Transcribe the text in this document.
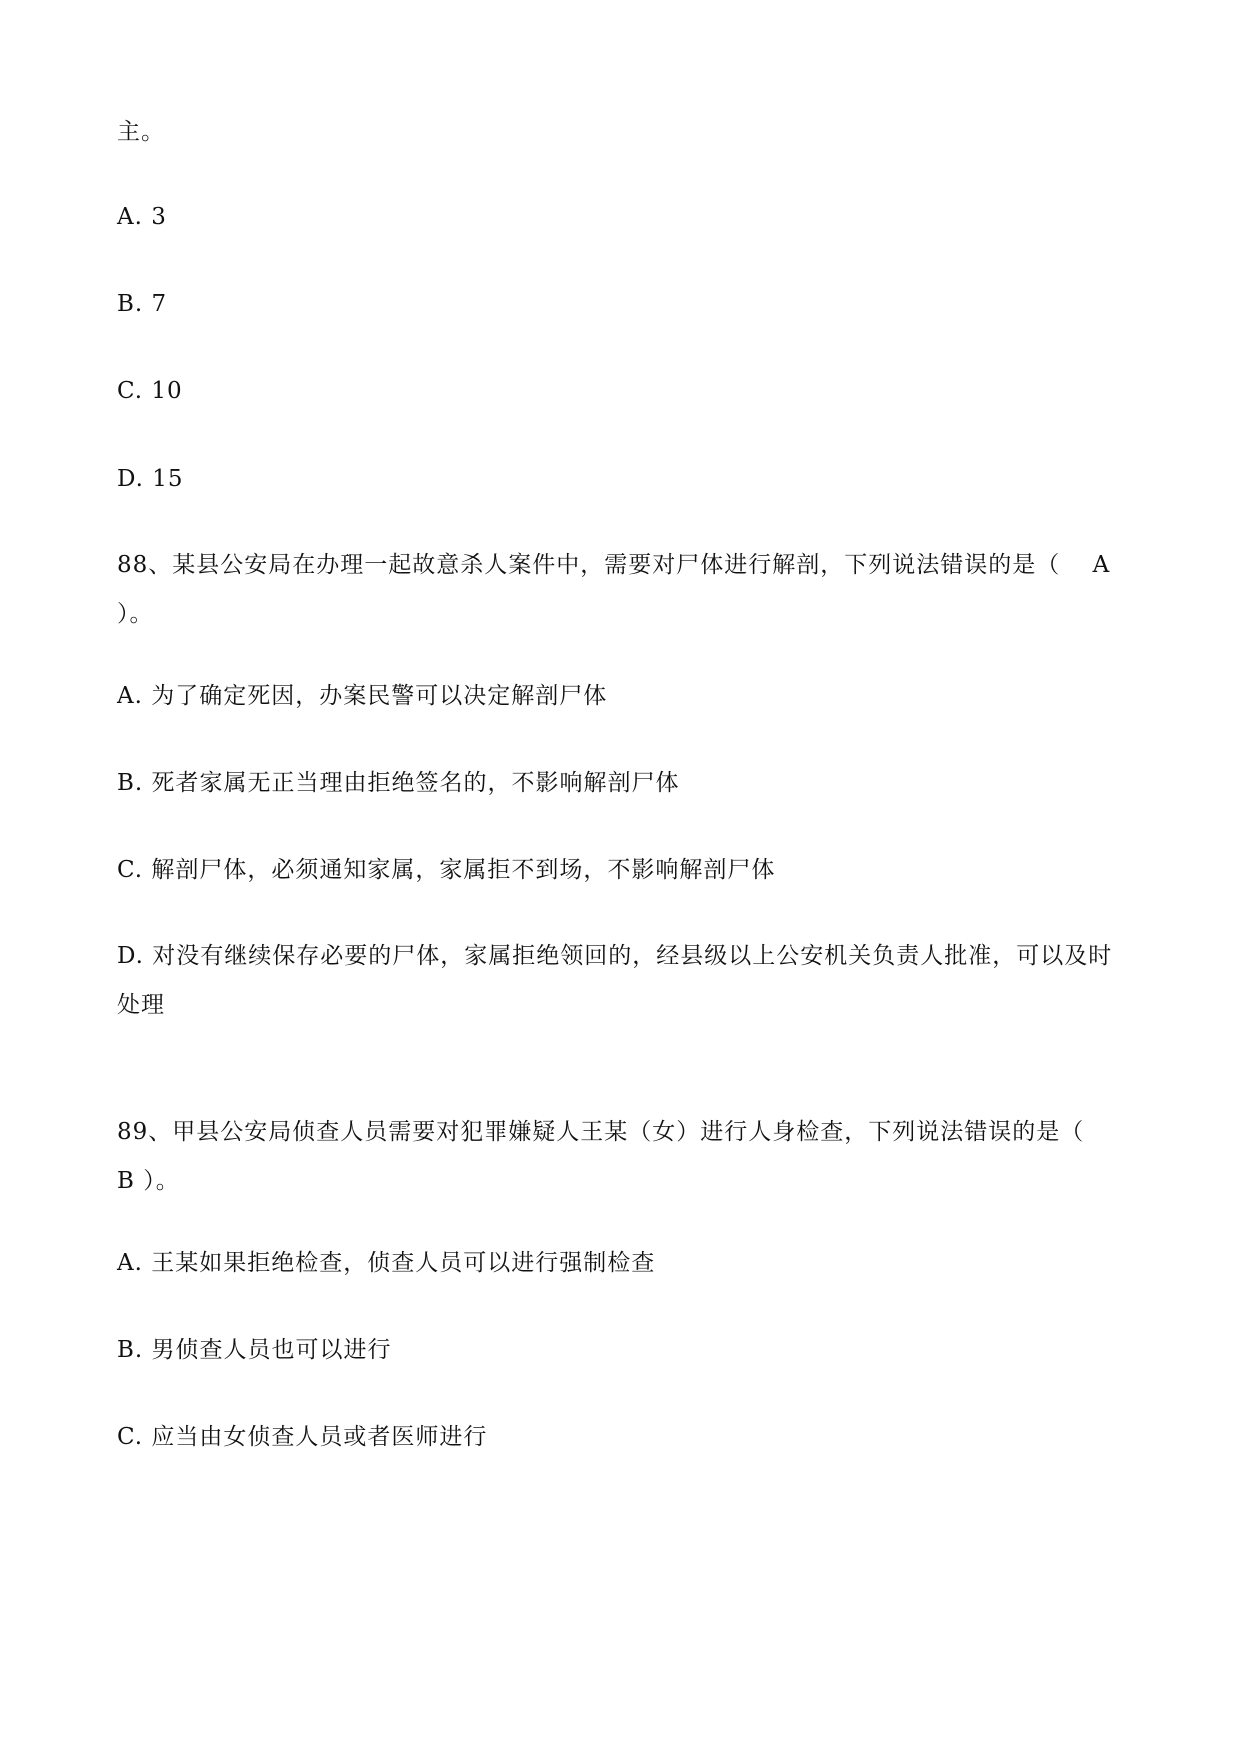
主。

A. 3

B. 7

C. 10

D. 15

88、某县公安局在办理一起故意杀人案件中，需要对尸体进行解剖，下列说法错误的是（　 A ）。

A. 为了确定死因，办案民警可以决定解剖尸体

B. 死者家属无正当理由拒绝签名的，不影响解剖尸体

C. 解剖尸体，必须通知家属，家属拒不到场，不影响解剖尸体

D. 对没有继续保存必要的尸体，家属拒绝领回的，经县级以上公安机关负责人批准，可以及时处理

89、甲县公安局侦查人员需要对犯罪嫌疑人王某（女）进行人身检查，下列说法错误的是（　 B ）。

A. 王某如果拒绝检查，侦查人员可以进行强制检查

B. 男侦查人员也可以进行

C. 应当由女侦查人员或者医师进行
